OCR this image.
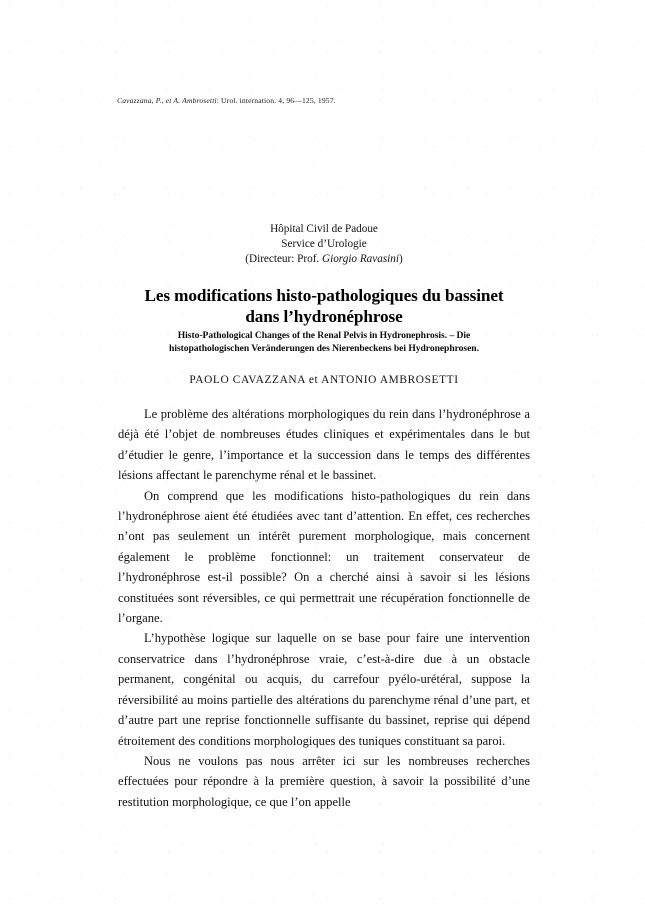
Cavazzana, P., et A. Ambrosetti: Urol. internation. 4, 96—125, 1957.
Hôpital Civil de Padoue
Service d’Urologie
(Directeur: Prof. Giorgio Ravasini)
Les modifications histo-pathologiques du bassinet
dans l’hydronéphrose
Histo-Pathological Changes of the Renal Pelvis in Hydronephrosis. – Die
histopathologischen Veränderungen des Nierenbeckens bei Hydronephrosen.
PAOLO CAVAZZANA et ANTONIO AMBROSETTI

Le problème des altérations morphologiques du rein dans l’hydronéphrose a déjà été l’objet de nombreuses études cliniques et expérimentales dans le but d’étudier le genre, l’importance et la succession dans le temps des différentes lésions affectant le parenchyme rénal et le bassinet.

On comprend que les modifications histo-pathologiques du rein dans l’hydronéphrose aient été étudiées avec tant d’attention. En effet, ces recherches n’ont pas seulement un intérêt purement morphologique, mais concernent également le problème fonctionnel: un traitement conservateur de l’hydronéphrose est-il possible? On a cherché ainsi à savoir si les lésions constituées sont réversibles, ce qui permettrait une récupération fonctionnelle de l’organe.

L’hypothèse logique sur laquelle on se base pour faire une intervention conservatrice dans l’hydronéphrose vraie, c’est-à-dire due à un obstacle permanent, congénital ou acquis, du carrefour pyélo-urétéral, suppose la réversibilité au moins partielle des altérations du parenchyme rénal d’une part, et d’autre part une reprise fonctionnelle suffisante du bassinet, reprise qui dépend étroitement des conditions morphologiques des tuniques constituant sa paroi.

Nous ne voulons pas nous arrêter ici sur les nombreuses recherches effectuées pour répondre à la première question, à savoir la possibilité d’une restitution morphologique, ce que l’on appelle
